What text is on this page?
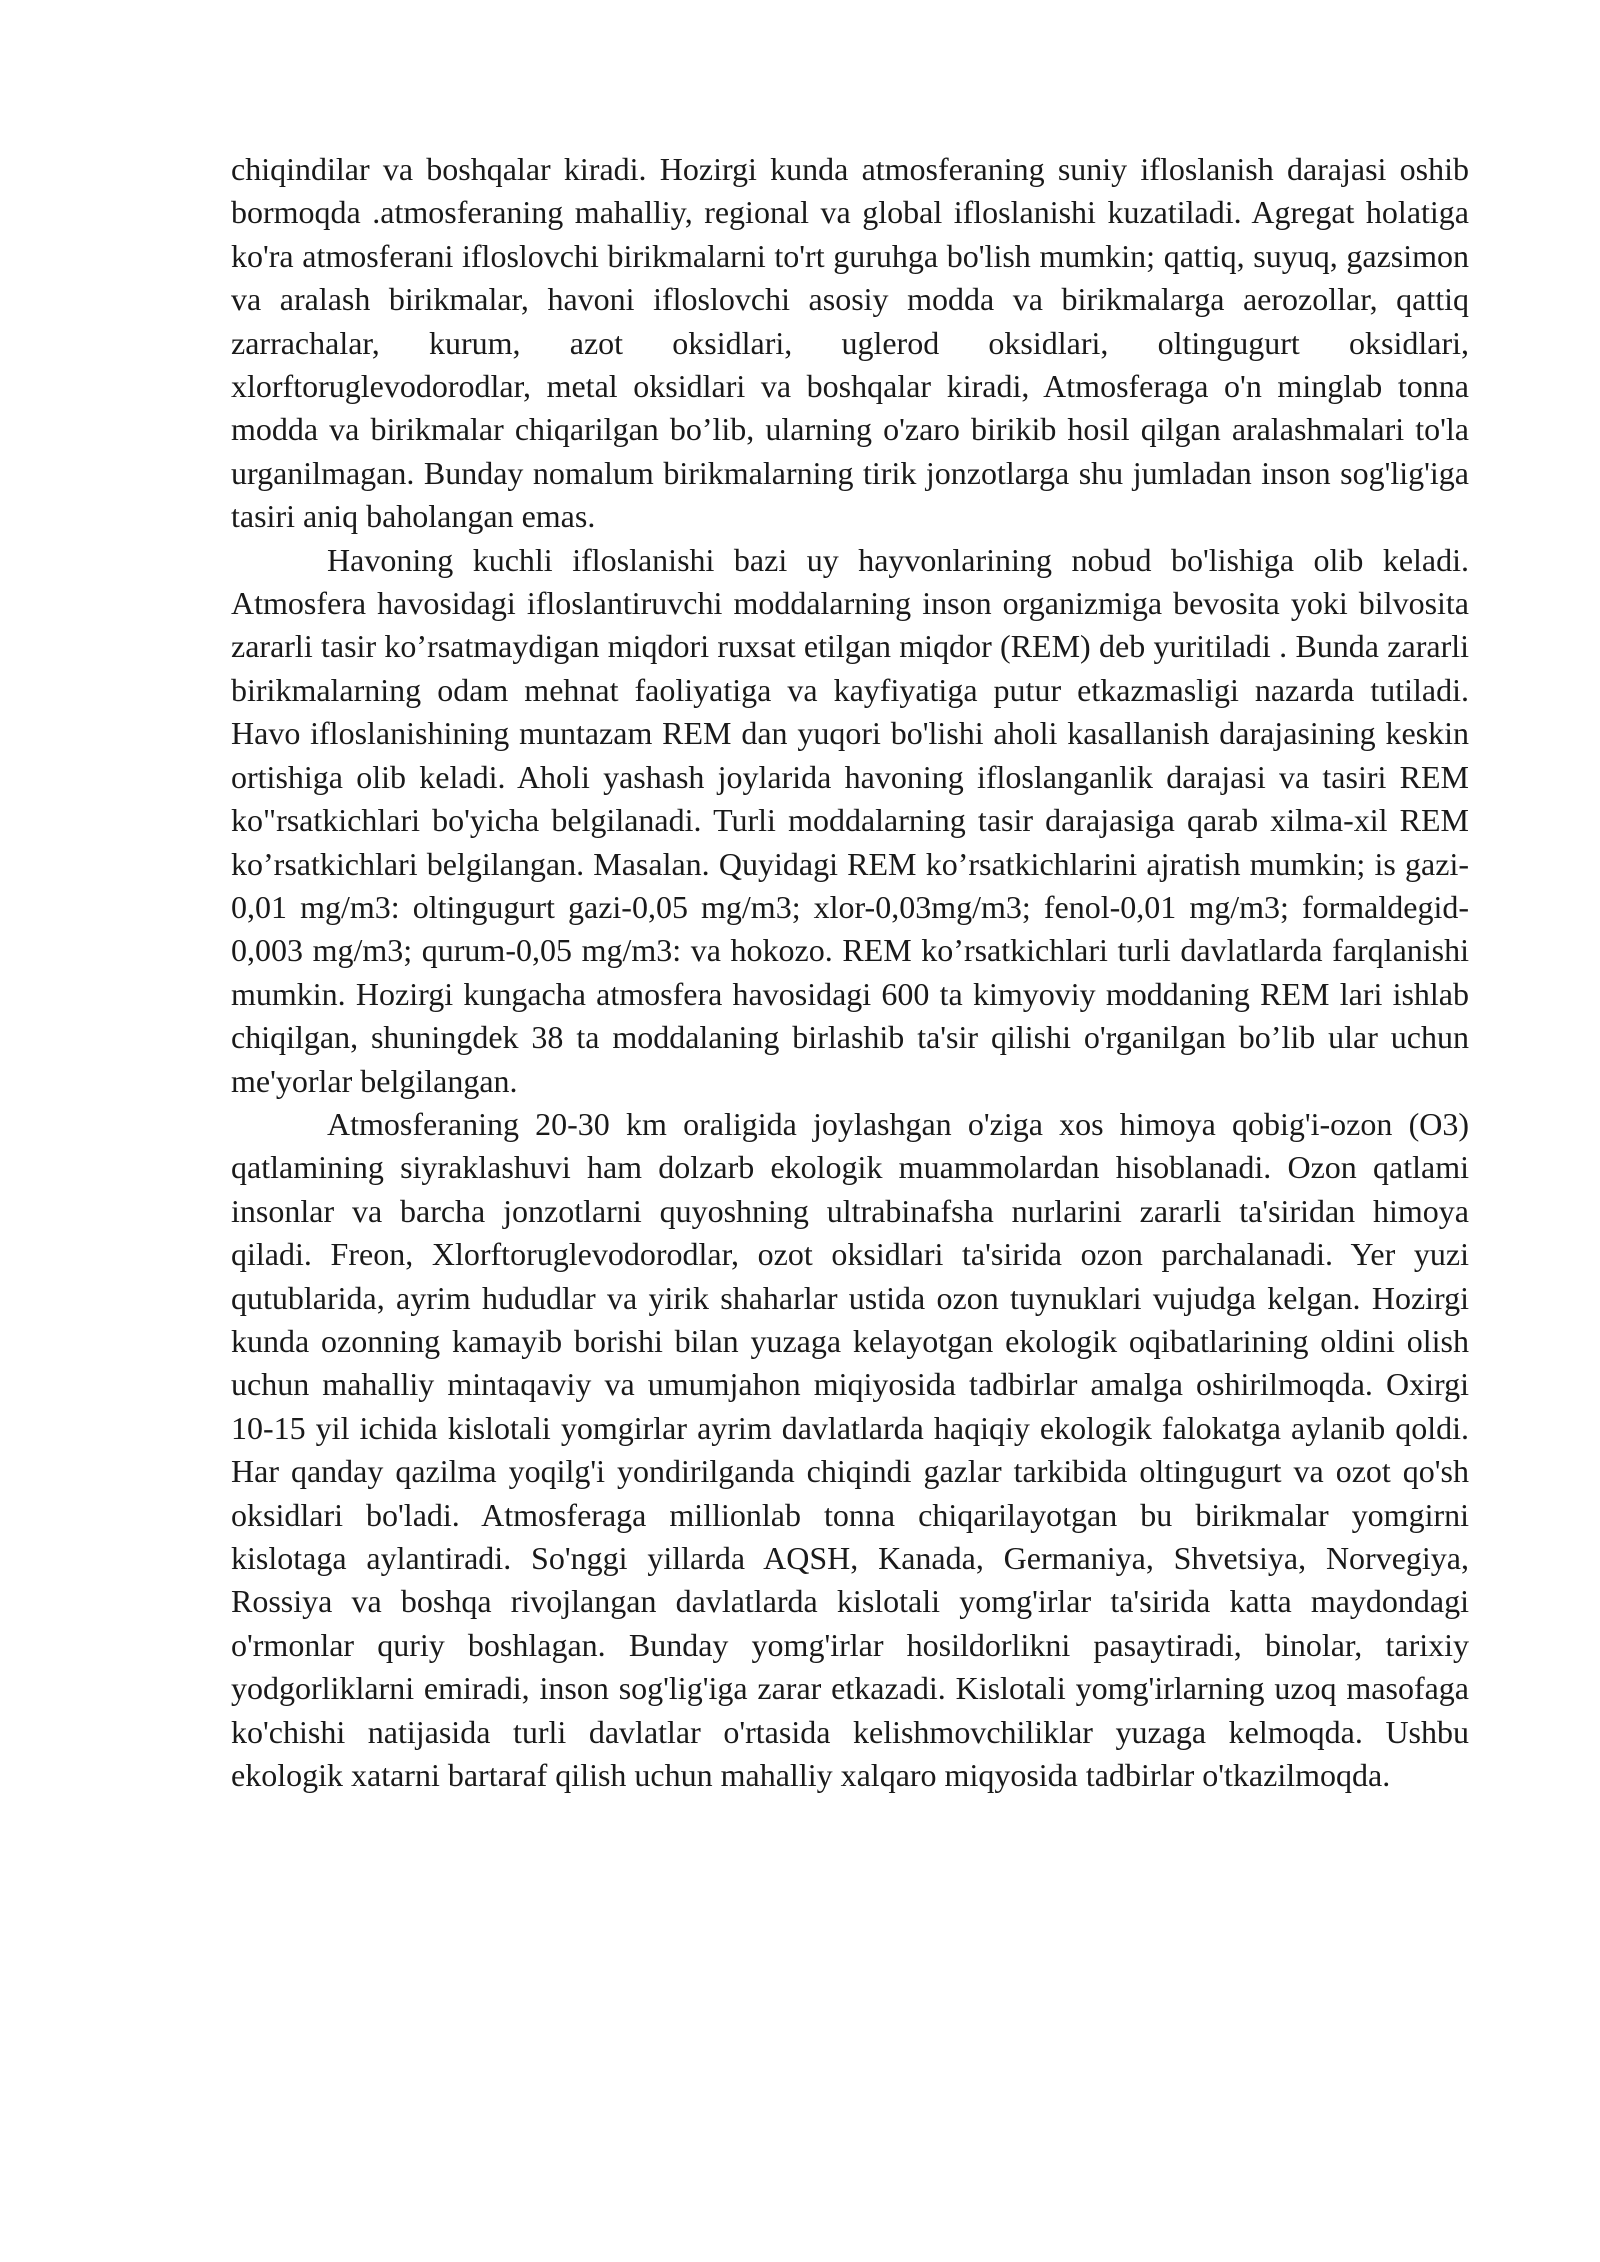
chiqindilar va boshqalar kiradi. Hozirgi kunda atmosferaning suniy ifloslanish darajasi oshib bormoqda .atmosferaning mahalliy, regional va global ifloslanishi kuzatiladi. Agregat holatiga ko'ra atmosferani ifloslovchi birikmalarni to'rt guruhga bo'lish mumkin; qattiq, suyuq, gazsimon va aralash birikmalar, havoni ifloslovchi asosiy modda va birikmalarga aerozollar, qattiq zarrachalar, kurum, azot oksidlari, uglerod oksidlari, oltingugurt oksidlari, xlorftoruglevodorodlar, metal oksidlari va boshqalar kiradi, Atmosferaga o'n minglab tonna modda va birikmalar chiqarilgan bo’lib, ularning o'zaro birikib hosil qilgan aralashmalari to'la urganilmagan. Bunday nomalum birikmalarning tirik jonzotlarga shu jumladan inson sog'lig'iga tasiri aniq baholangan emas.

Havoning kuchli ifloslanishi bazi uy hayvonlarining nobud bo'lishiga olib keladi. Atmosfera havosidagi ifloslantiruvchi moddalarning inson organizmiga bevosita yoki bilvosita zararli tasir ko’rsatmaydigan miqdori ruxsat etilgan miqdor (REM) deb yuritiladi . Bunda zararli birikmalarning odam mehnat faoliyatiga va kayfiyatiga putur etkazmasligi nazarda tutiladi. Havo ifloslanishining muntazam REM dan yuqori bo'lishi aholi kasallanish darajasining keskin ortishiga olib keladi. Aholi yashash joylarida havoning ifloslanganlik darajasi va tasiri REM ko"rsatkichlari bo'yicha belgilanadi. Turli moddalarning tasir darajasiga qarab xilma-xil REM ko’rsatkichlari belgilangan. Masalan. Quyidagi REM ko’rsatkichlarini ajratish mumkin; is gazi-0,01 mg/m3: oltingugurt gazi-0,05 mg/m3; xlor-0,03mg/m3; fenol-0,01 mg/m3; formaldegid-0,003 mg/m3; qurum-0,05 mg/m3: va hokozo. REM ko’rsatkichlari turli davlatlarda farqlanishi mumkin. Hozirgi kungacha atmosfera havosidagi 600 ta kimyoviy moddaning REM lari ishlab chiqilgan, shuningdek 38 ta moddalaning birlashib ta'sir qilishi o'rganilgan bo’lib ular uchun me'yorlar belgilangan.

Atmosferaning 20-30 km oraligida joylashgan o'ziga xos himoya qobig'i-ozon (O3) qatlamining siyraklashuvi ham dolzarb ekologik muammolardan hisoblanadi. Ozon qatlami insonlar va barcha jonzotlarni quyoshning ultrabinafsha nurlarini zararli ta'siridan himoya qiladi. Freon, Xlorftoruglevodorodlar, ozot oksidlari ta'sirida ozon parchalanadi. Yer yuzi qutublarida, ayrim hududlar va yirik shaharlar ustida ozon tuynuklari vujudga kelgan. Hozirgi kunda ozonning kamayib borishi bilan yuzaga kelayotgan ekologik oqibatlarining oldini olish uchun mahalliy mintaqaviy va umumjahon miqiyosida tadbirlar amalga oshirilmoqda. Oxirgi 10-15 yil ichida kislotali yomgirlar ayrim davlatlarda haqiqiy ekologik falokatga aylanib qoldi. Har qanday qazilma yoqilg'i yondirilganda chiqindi gazlar tarkibida oltingugurt va ozot qo'sh oksidlari bo'ladi. Atmosferaga millionlab tonna chiqarilayotgan bu birikmalar yomgirni kislotaga aylantiradi. So'nggi yillarda AQSH, Kanada, Germaniya, Shvetsiya, Norvegiya, Rossiya va boshqa rivojlangan davlatlarda kislotali yomg'irlar ta'sirida katta maydondagi o'rmonlar quriy boshlagan. Bunday yomg'irlar hosildorlikni pasaytiradi, binolar, tarixiy yodgorliklarni emiradi, inson sog'lig'iga zarar etkazadi. Kislotali yomg'irlarning uzoq masofaga ko'chishi natijasida turli davlatlar o'rtasida kelishmovchiliklar yuzaga kelmoqda. Ushbu ekologik xatarni bartaraf qilish uchun mahalliy xalqaro miqyosida tadbirlar o'tkazilmoqda.
